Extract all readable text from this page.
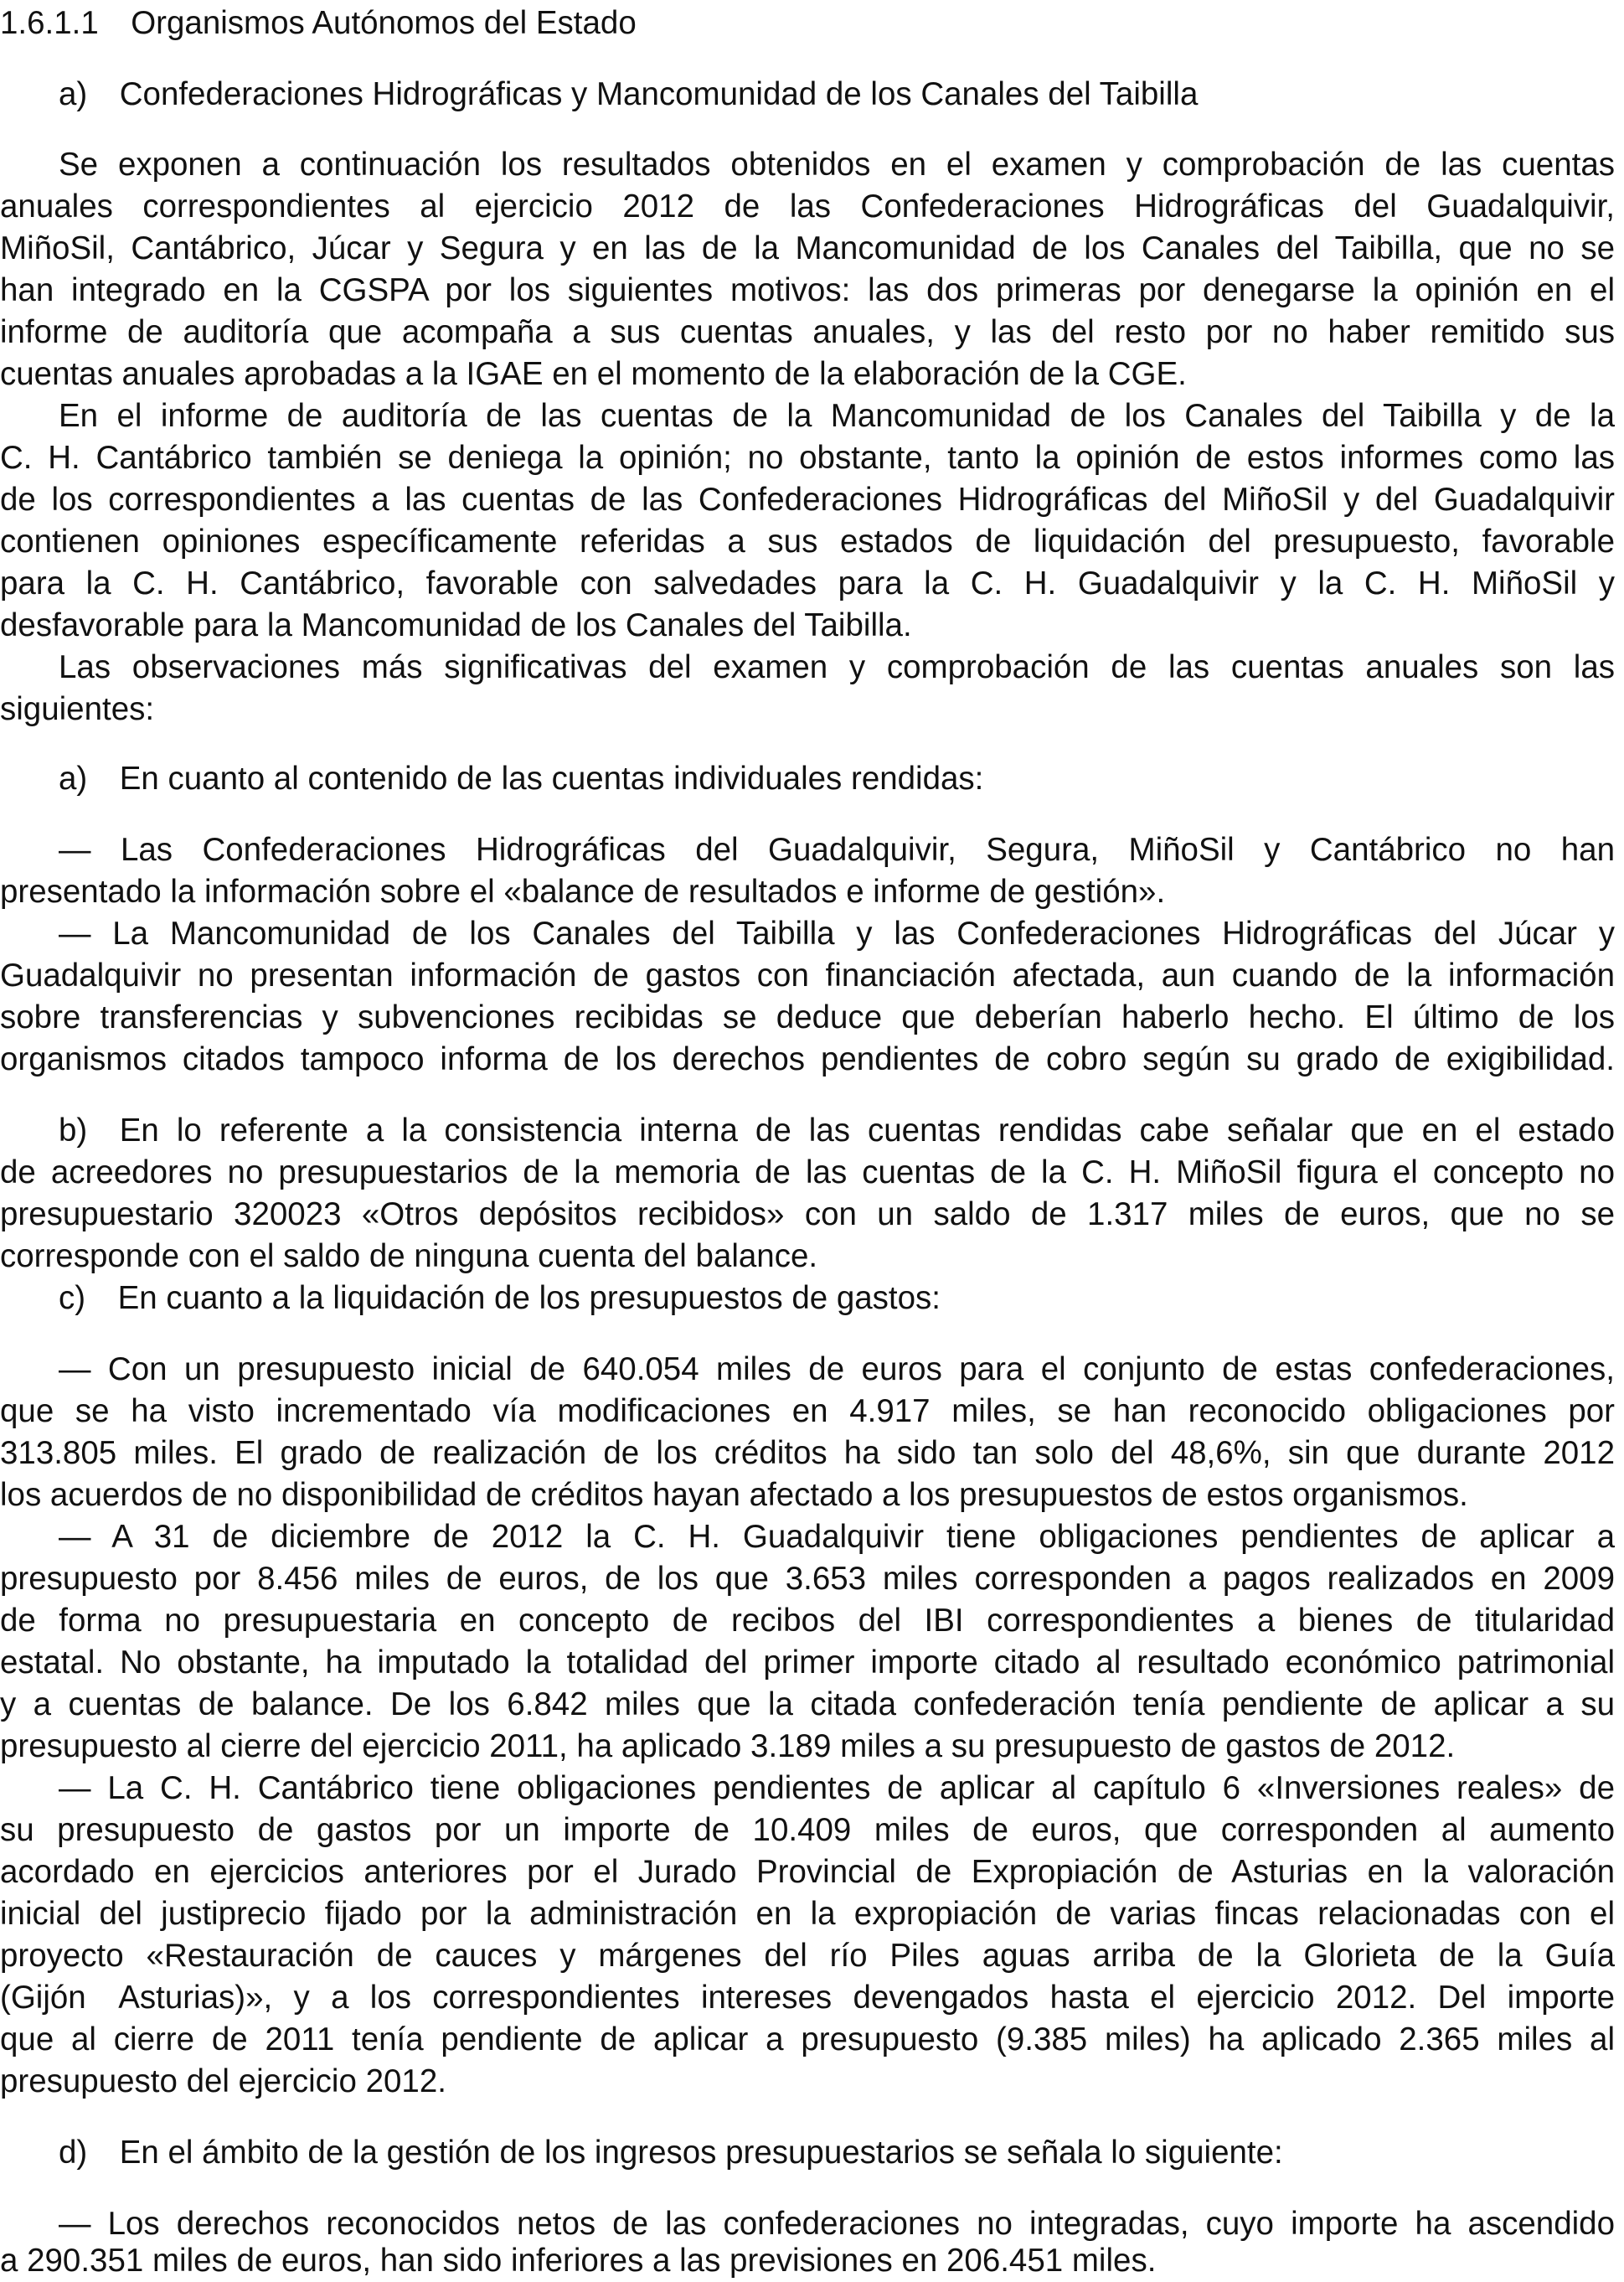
1.6.1.1 Organismos Autónomos del Estado
a) Confederaciones Hidrográficas y Mancomunidad de los Canales del Taibilla
Se exponen a continuación los resultados obtenidos en el examen y comprobación de las cuentas
anuales correspondientes al ejercicio 2012 de las Confederaciones Hidrográficas del Guadalquivir,
MiñoSil, Cantábrico, Júcar y Segura y en las de la Mancomunidad de los Canales del Taibilla, que no se
han integrado en la CGSPA por los siguientes motivos: las dos primeras por denegarse la opinión en el
informe de auditoría que acompaña a sus cuentas anuales, y las del resto por no haber remitido sus
cuentas anuales aprobadas a la IGAE en el momento de la elaboración de la CGE.
En el informe de auditoría de las cuentas de la Mancomunidad de los Canales del Taibilla y de la
C. H. Cantábrico también se deniega la opinión; no obstante, tanto la opinión de estos informes como las
de los correspondientes a las cuentas de las Confederaciones Hidrográficas del MiñoSil y del Guadalquivir
contienen opiniones específicamente referidas a sus estados de liquidación del presupuesto, favorable
para la C. H. Cantábrico, favorable con salvedades para la C. H. Guadalquivir y la C. H. MiñoSil y
desfavorable para la Mancomunidad de los Canales del Taibilla.
Las observaciones más significativas del examen y comprobación de las cuentas anuales son las
siguientes:
a) En cuanto al contenido de las cuentas individuales rendidas:
— Las Confederaciones Hidrográficas del Guadalquivir, Segura, MiñoSil y Cantábrico no han
presentado la información sobre el «balance de resultados e informe de gestión».
— La Mancomunidad de los Canales del Taibilla y las Confederaciones Hidrográficas del Júcar y
Guadalquivir no presentan información de gastos con financiación afectada, aun cuando de la información
sobre transferencias y subvenciones recibidas se deduce que deberían haberlo hecho. El último de los
organismos citados tampoco informa de los derechos pendientes de cobro según su grado de exigibilidad.
b) En lo referente a la consistencia interna de las cuentas rendidas cabe señalar que en el estado
de acreedores no presupuestarios de la memoria de las cuentas de la C. H. MiñoSil figura el concepto no
presupuestario 320023 «Otros depósitos recibidos» con un saldo de 1.317 miles de euros, que no se
corresponde con el saldo de ninguna cuenta del balance.
c) En cuanto a la liquidación de los presupuestos de gastos:
— Con un presupuesto inicial de 640.054 miles de euros para el conjunto de estas confederaciones,
que se ha visto incrementado vía modificaciones en 4.917 miles, se han reconocido obligaciones por
313.805 miles. El grado de realización de los créditos ha sido tan solo del 48,6%, sin que durante 2012
los acuerdos de no disponibilidad de créditos hayan afectado a los presupuestos de estos organismos.
— A 31 de diciembre de 2012 la C. H. Guadalquivir tiene obligaciones pendientes de aplicar a
presupuesto por 8.456 miles de euros, de los que 3.653 miles corresponden a pagos realizados en 2009
de forma no presupuestaria en concepto de recibos del IBI correspondientes a bienes de titularidad
estatal. No obstante, ha imputado la totalidad del primer importe citado al resultado económico patrimonial
y a cuentas de balance. De los 6.842 miles que la citada confederación tenía pendiente de aplicar a su
presupuesto al cierre del ejercicio 2011, ha aplicado 3.189 miles a su presupuesto de gastos de 2012.
— La C. H. Cantábrico tiene obligaciones pendientes de aplicar al capítulo 6 «Inversiones reales» de
su presupuesto de gastos por un importe de 10.409 miles de euros, que corresponden al aumento
acordado en ejercicios anteriores por el Jurado Provincial de Expropiación de Asturias en la valoración
inicial del justiprecio fijado por la administración en la expropiación de varias fincas relacionadas con el
proyecto «Restauración de cauces y márgenes del río Piles aguas arriba de la Glorieta de la Guía
(Gijón Asturias)», y a los correspondientes intereses devengados hasta el ejercicio 2012. Del importe
que al cierre de 2011 tenía pendiente de aplicar a presupuesto (9.385 miles) ha aplicado 2.365 miles al
presupuesto del ejercicio 2012.
d) En el ámbito de la gestión de los ingresos presupuestarios se señala lo siguiente:
— Los derechos reconocidos netos de las confederaciones no integradas, cuyo importe ha ascendido
a 290.351 miles de euros, han sido inferiores a las previsiones en 206.451 miles.
